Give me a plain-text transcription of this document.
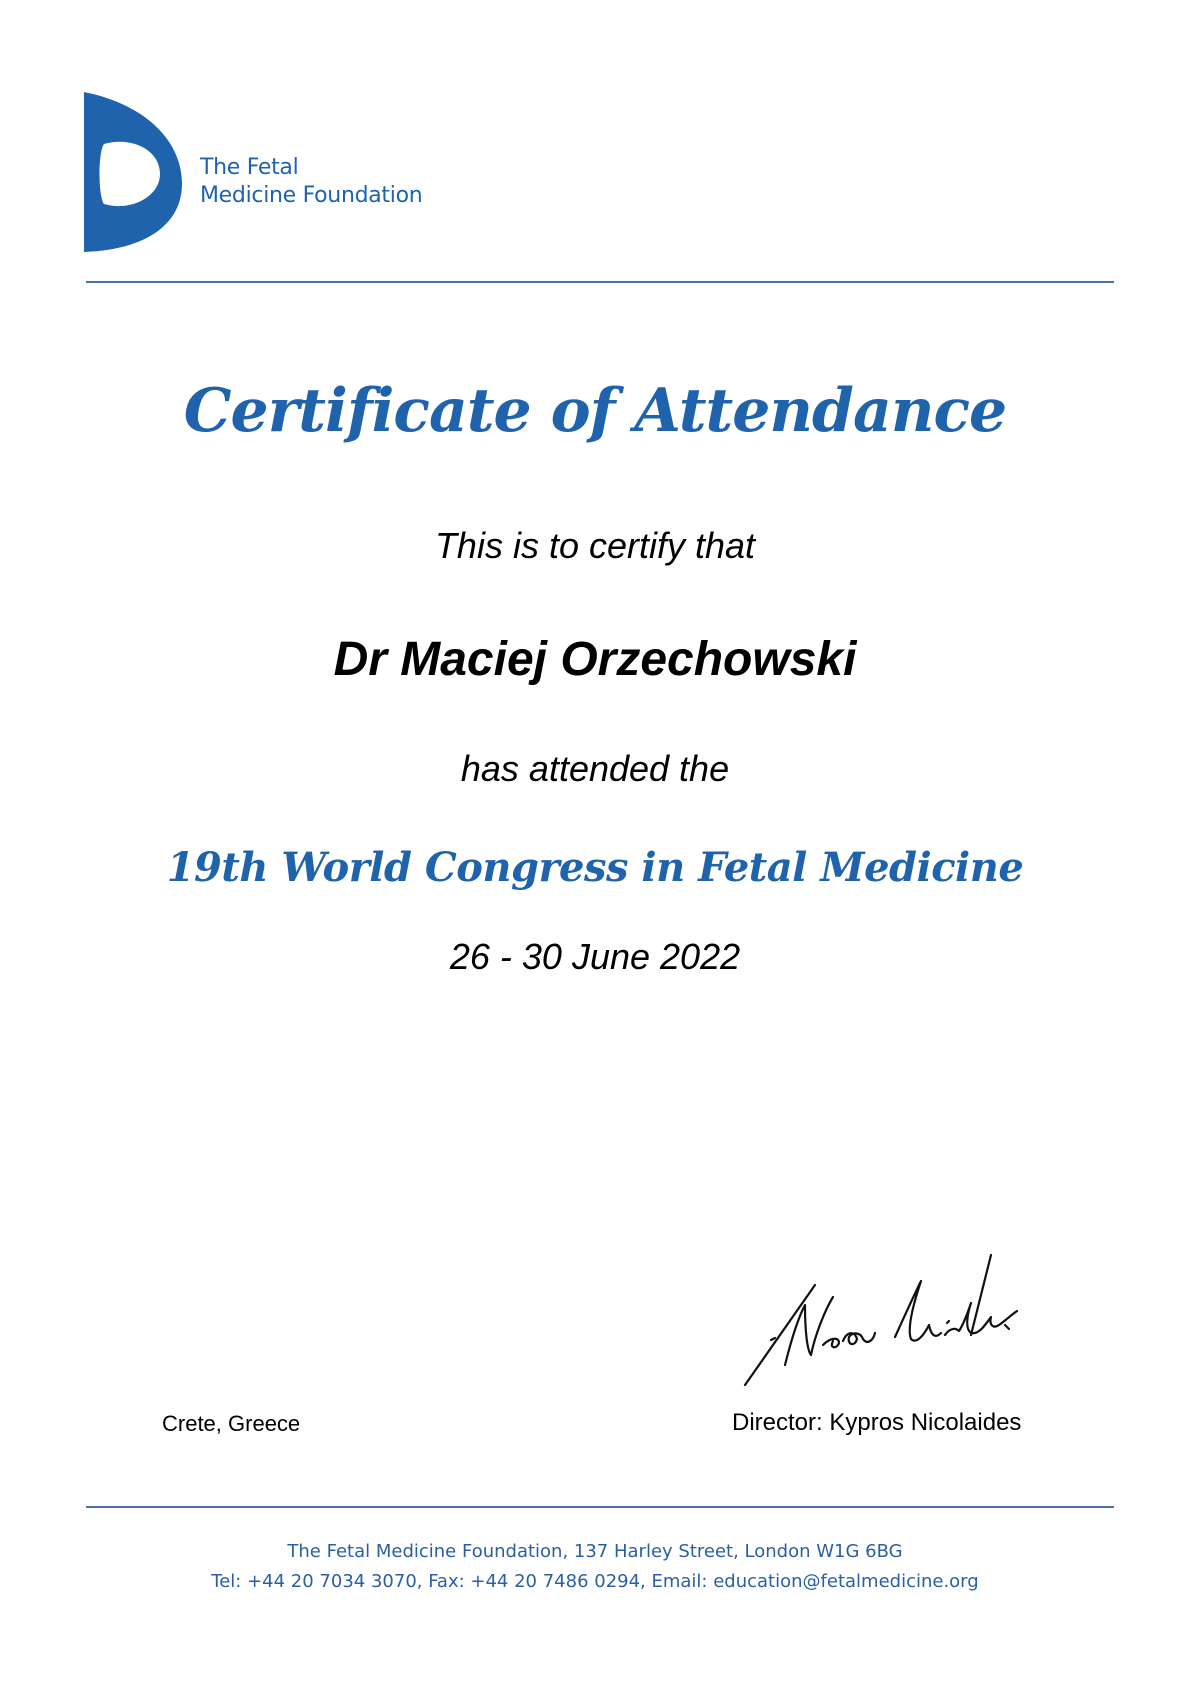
The Fetal
Medicine Foundation
Certificate of Attendance
This is to certify that
Dr Maciej Orzechowski
has attended the
19th World Congress in Fetal Medicine
26 - 30 June 2022
Crete, Greece	Director: Kypros Nicolaides
The Fetal Medicine Foundation, 137 Harley Street, London W1G 6BG
Tel: +44 20 7034 3070, Fax: +44 20 7486 0294, Email: education@fetalmedicine.org
